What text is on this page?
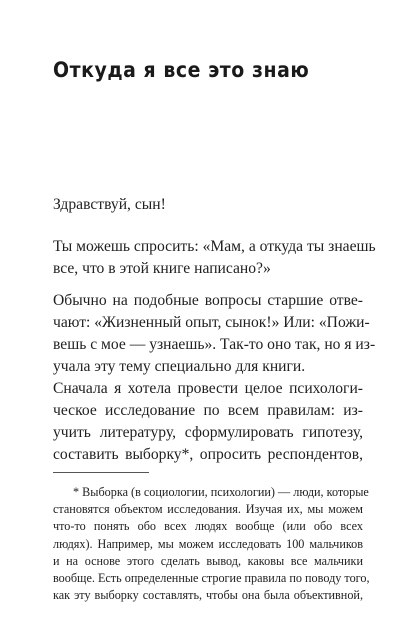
Откуда я все это знаю
Здравствуй, сын!
Ты можешь спросить: «Мам, а откуда ты знаешь
все, что в этой книге написано?»
Обычно на подобные вопросы старшие отве-
чают: «Жизненный опыт, сынок!» Или: «Пожи-
вешь с мое — узнаешь». Так-то оно так, но я из-
учала эту тему специально для книги.
Сначала я хотела провести целое психологи-
ческое исследование по всем правилам: из-
учить литературу, сформулировать гипотезу,
составить выборку*, опросить респондентов,
* Выборка (в социологии, психологии) — люди, которые
становятся объектом исследования. Изучая их, мы можем
что-то понять обо всех людях вообще (или обо всех
людях). Например, мы можем исследовать 100 мальчиков
и на основе этого сделать вывод, каковы все мальчики
вообще. Есть определенные строгие правила по поводу того,
как эту выборку составлять, чтобы она была объективной,
